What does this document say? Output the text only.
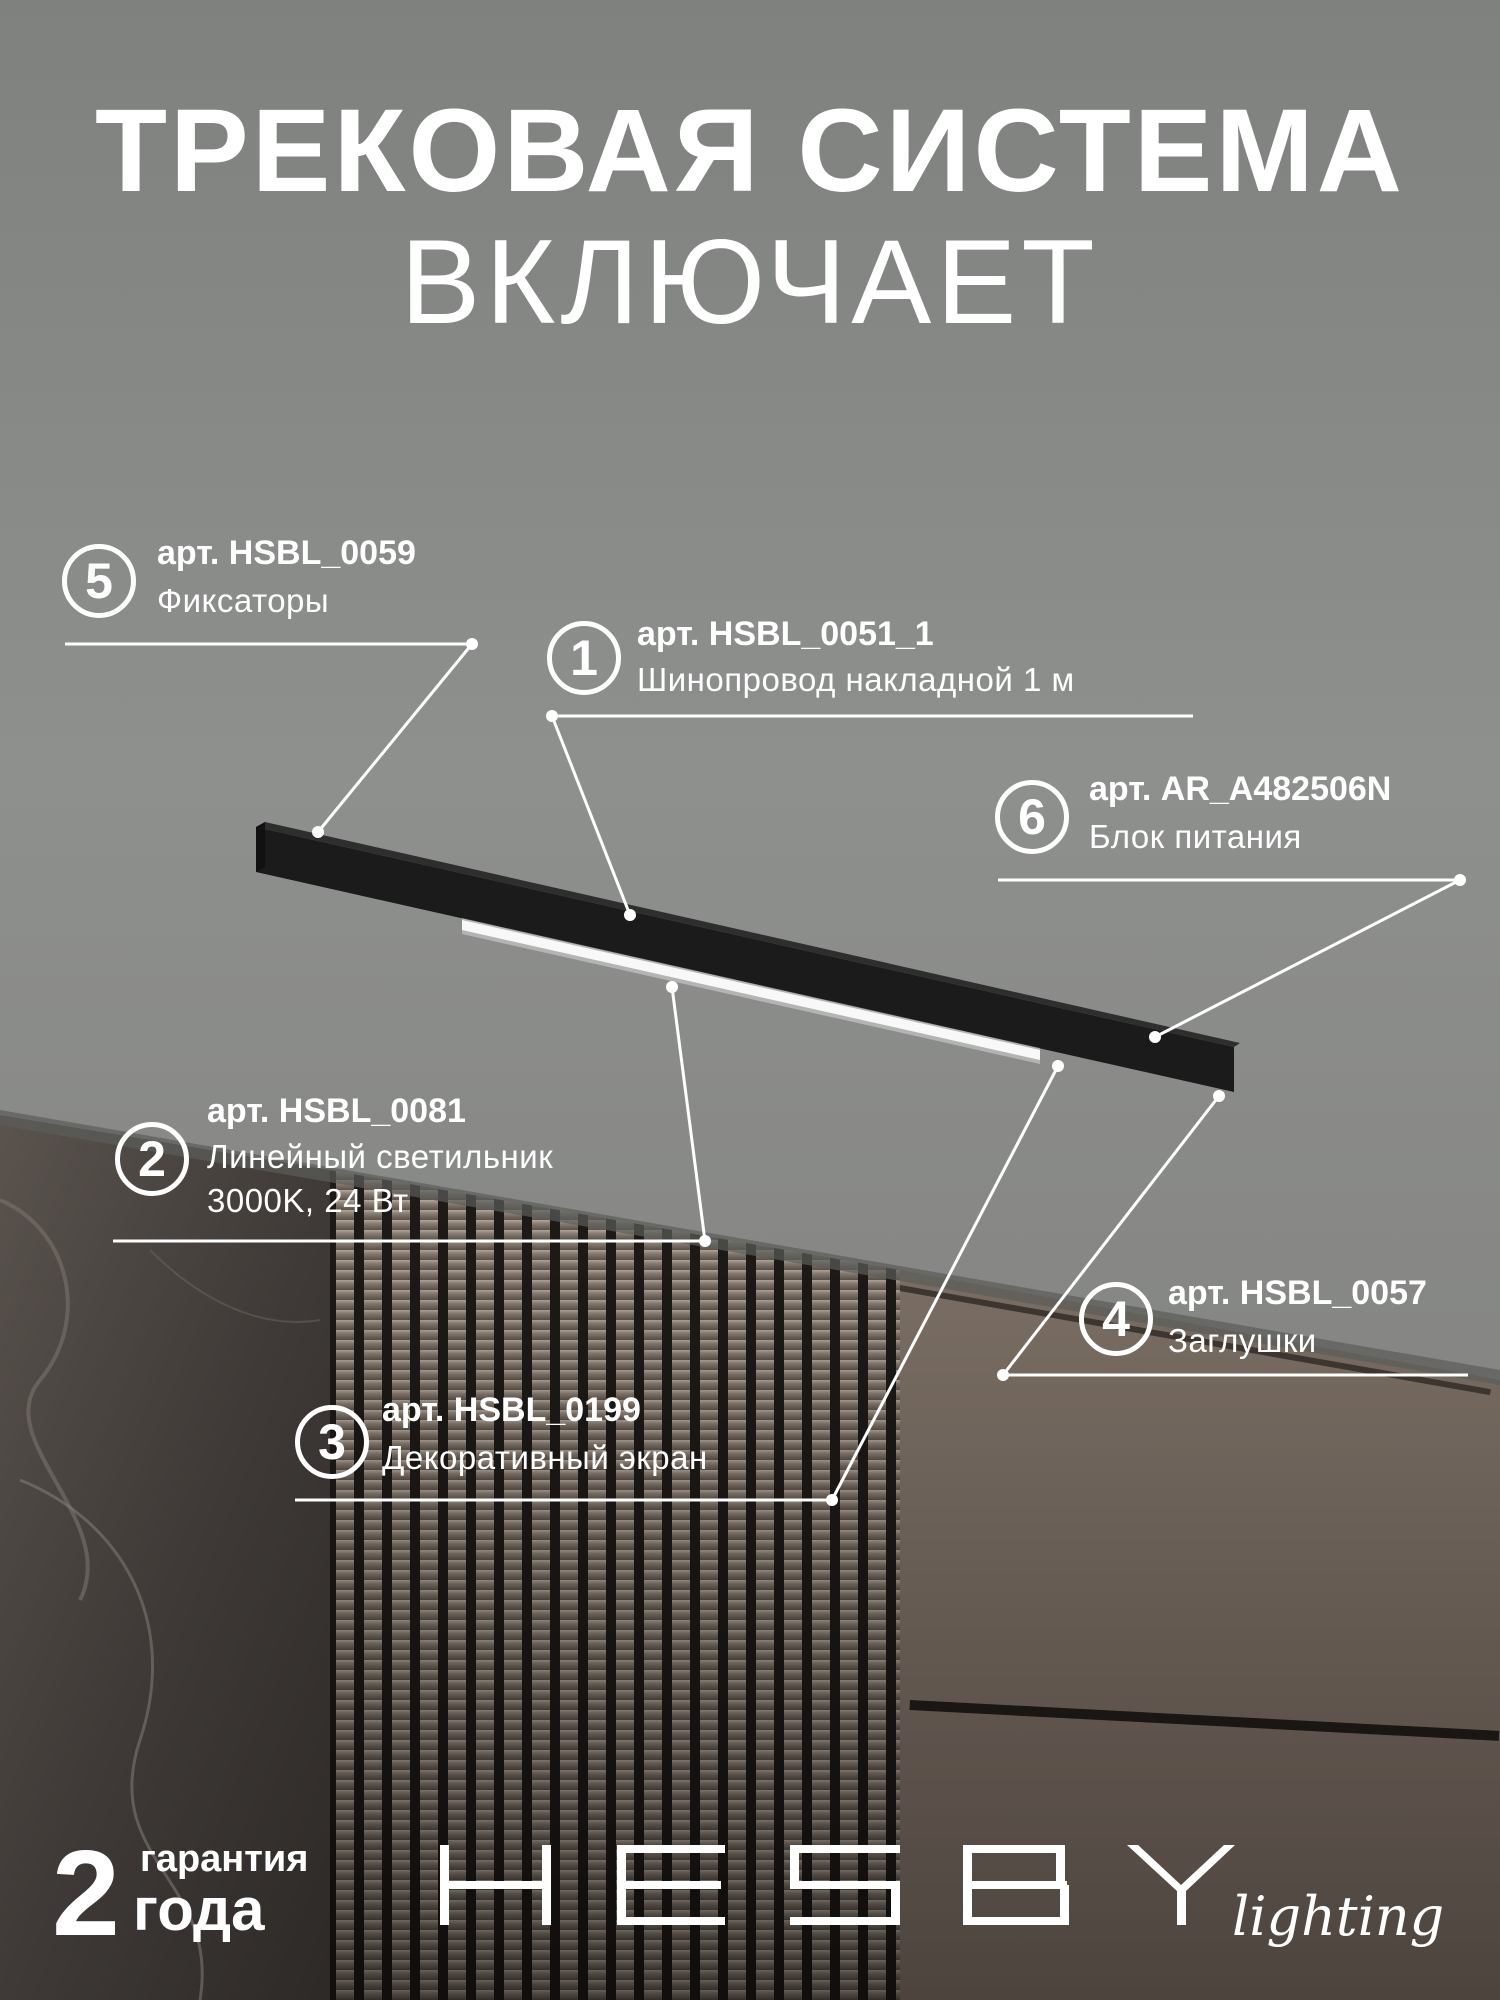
ТРЕКОВАЯ СИСТЕМА
ВКЛЮЧАЕТ
5	арт. HSBL_0059
Фиксаторы
1	арт. HSBL_0051_1
Шинопровод накладной 1 м
6	арт. AR_A482506N
Блок питания
2
арт. HSBL_0081
Линейный светильник
3000K, 24 Вт
4	арт. HSBL_0057
Заглушки
3
арт. HSBL_0199
Декоративный экран
2 гарантия
года	lighting
